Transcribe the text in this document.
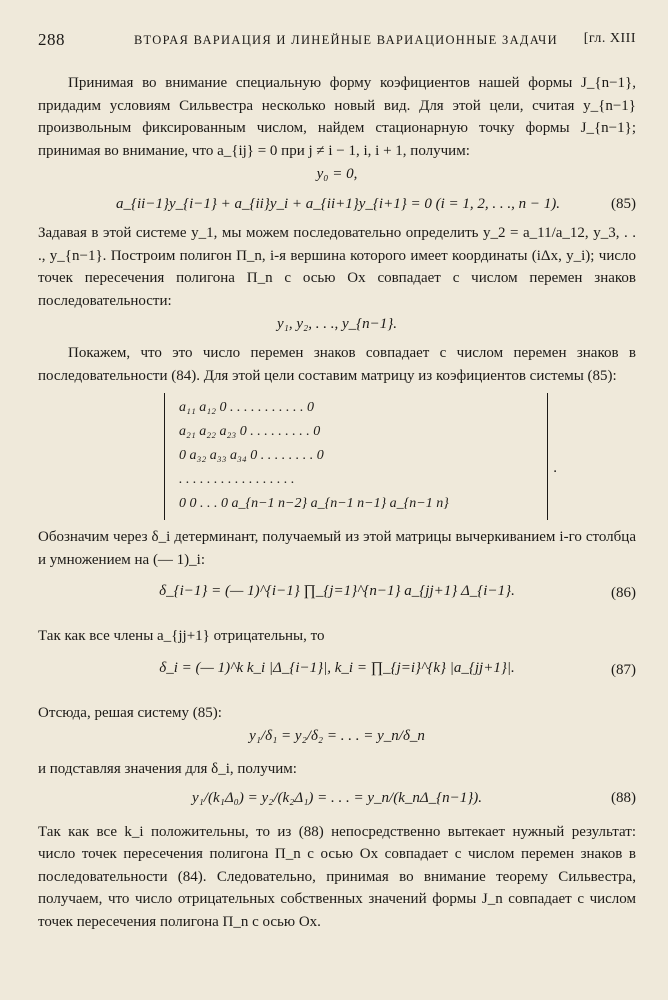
288	ВТОРАЯ ВАРИАЦИЯ И ЛИНЕЙНЫЕ ВАРИАЦИОННЫЕ ЗАДАЧИ [гл. XIII

Принимая во внимание специальную форму коэфициентов нашей формы J_{n−1}, придадим условиям Сильвестра несколько новый вид. Для этой цели, считая y_{n−1} произвольным фиксированным числом, найдем стационарную точку формы J_{n−1}; принимая во внимание, что a_{ij} = 0 при j ≠ i − 1, i, i + 1, получим:

y₀ = 0,
a_{ii−1}y_{i−1} + a_{ii}y_i + a_{ii+1}y_{i+1} = 0 (i = 1, 2, . . ., n − 1).	(85)

Задавая в этой системе y_1, мы можем последовательно определить y_2 = a_11/a_12, y_3, . . ., y_{n−1}. Построим полигон П_n, i-я вершина которого имеет координаты (iΔx, y_i); число точек пересечения полигона П_n с осью Ox совпадает с числом перемен знаков последовательности:

y₁, y₂, . . ., y_{n−1}.

Покажем, что это число перемен знаков совпадает с числом перемен знаков в последовательности (84). Для этой цели составим матрицу из коэфициентов системы (85):

a₁₁ a₁₂ 0 . . . . . . . . . . . 0
a₂₁ a₂₂ a₂₃ 0 . . . . . . . . . 0
0 a₃₂ a₃₃ a₃₄ 0 . . . . . . . . 0
. . . . . . . . . . . . . . . . .
0 0 . . . 0 a_{n−1 n−2} a_{n−1 n−1} a_{n−1 n}
.

Обозначим через δ_i детерминант, получаемый из этой матрицы вычеркиванием i-го столбца и умножением на (— 1)_i:

δ_{i−1} = (— 1)^{i−1} ∏_{j=1}^{n−1} a_{jj+1} Δ_{i−1}.	(86)

Так как все члены a_{jj+1} отрицательны, то

δ_i = (— 1)^k k_i |Δ_{i−1}|, k_i = ∏_{j=i}^{k} |a_{jj+1}|.	(87)

Отсюда, решая систему (85):

y₁/δ₁ = y₂/δ₂ = . . . = y_n/δ_n

и подставляя значения для δ_i, получим:

y₁/(k₁Δ₀) = y₂/(k₂Δ₁) = . . . = y_n/(k_nΔ_{n−1}).	(88)

Так как все k_i положительны, то из (88) непосредственно вытекает нужный результат: число точек пересечения полигона П_n с осью Ox совпадает с числом перемен знаков в последовательности (84). Следовательно, принимая во внимание теорему Сильвестра, получаем, что число отрицательных собственных значений формы J_n совпадает с числом точек пересечения полигона П_n с осью Ox.
